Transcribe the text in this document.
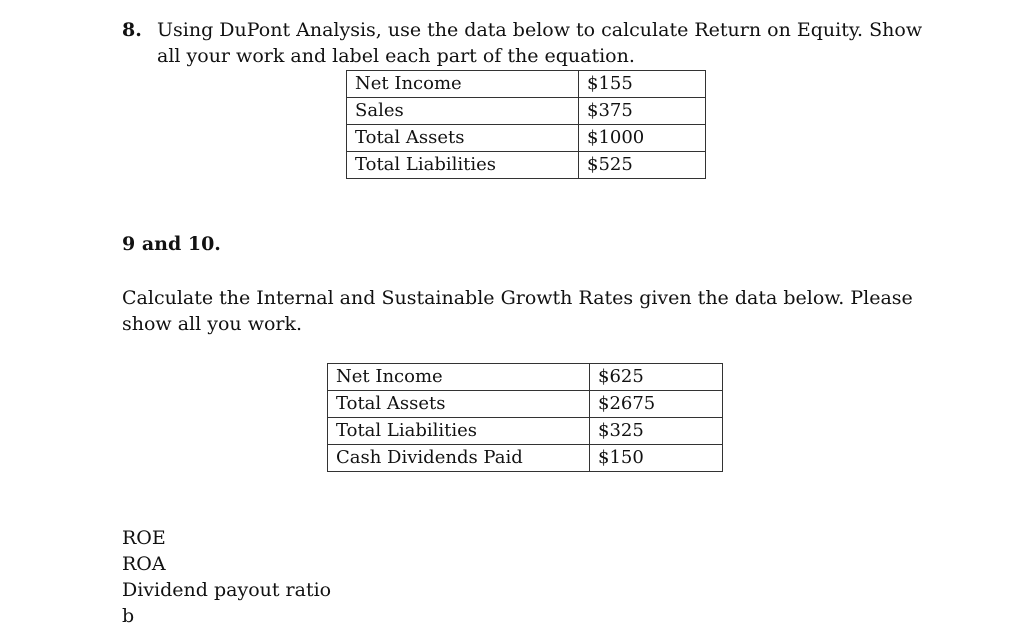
8. Using DuPont Analysis, use the data below to calculate Return on Equity. Show
all your work and label each part of the equation.
Net Income	$155
Sales	$375
Total Assets	$1000
Total Liabilities	$525
9 and 10.
Calculate the Internal and Sustainable Growth Rates given the data below. Please
show all you work.
Net Income	$625
Total Assets	$2675
Total Liabilities	$325
Cash Dividends Paid	$150
ROE
ROA
Dividend payout ratio
b
